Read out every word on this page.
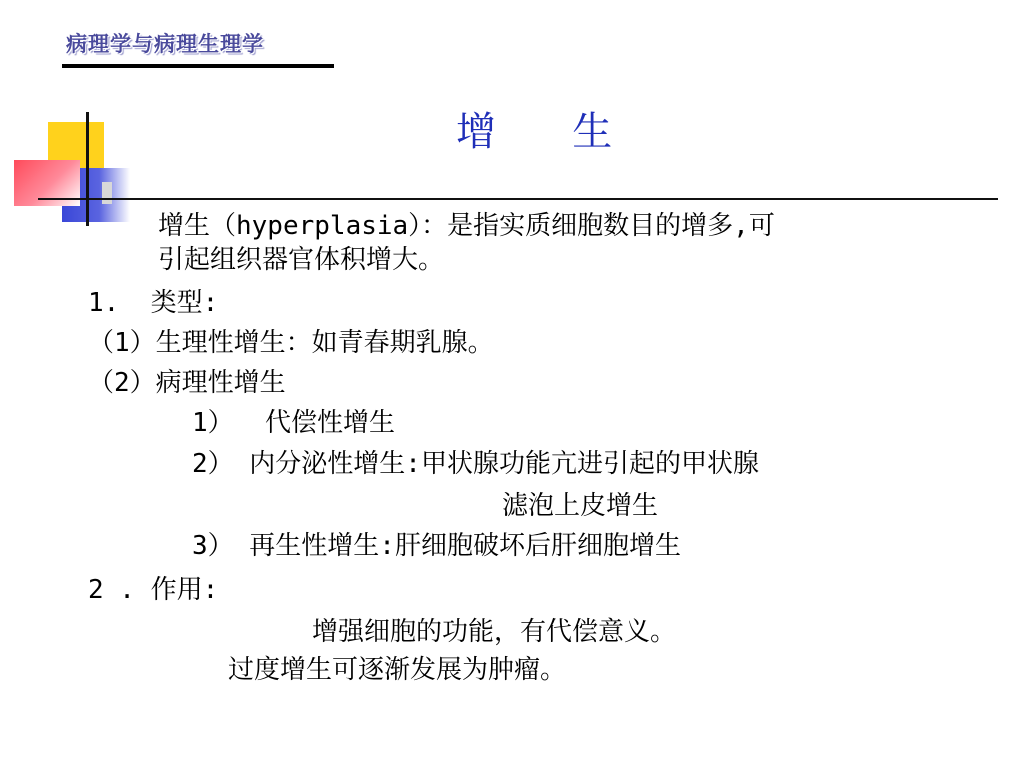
病理学与病理生理学
增      生
增生（hyperplasia）：是指实质细胞数目的增多,可
引起组织器官体积增大。
1.  类型:
（1）生理性增生：如青春期乳腺。
（2）病理性增生
1）  代偿性增生
2） 内分泌性增生:甲状腺功能亢进引起的甲状腺
滤泡上皮增生
3） 再生性增生:肝细胞破坏后肝细胞增生
2 . 作用:
增强细胞的功能，有代偿意义。
过度增生可逐渐发展为肿瘤。
